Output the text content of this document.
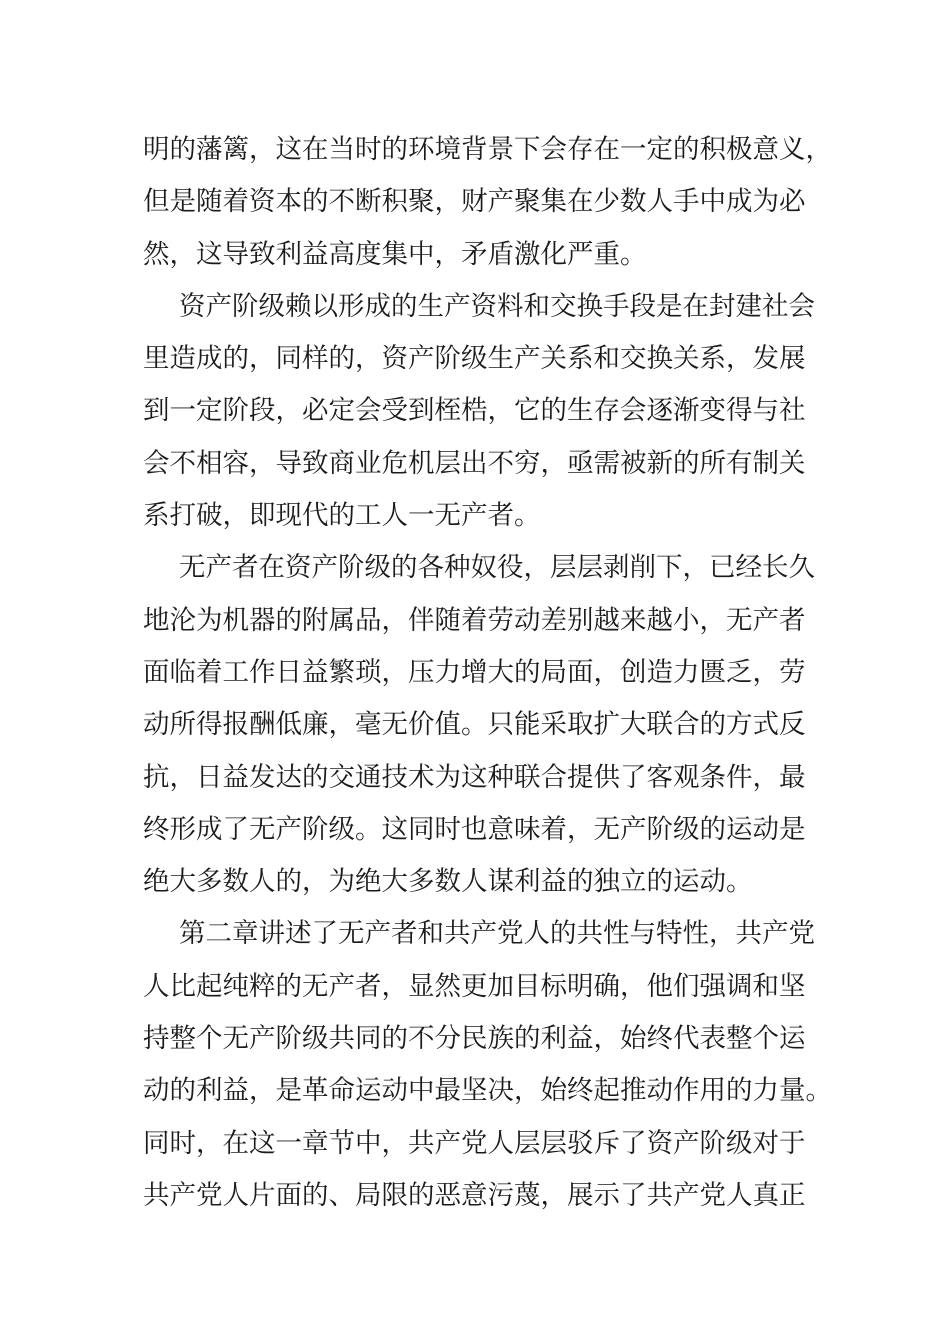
明的藩篱，这在当时的环境背景下会存在一定的积极意义，
但是随着资本的不断积聚，财产聚集在少数人手中成为必
然，这导致利益高度集中，矛盾激化严重。
资产阶级赖以形成的生产资料和交换手段是在封建社会
里造成的，同样的，资产阶级生产关系和交换关系，发展
到一定阶段，必定会受到桎梏，它的生存会逐渐变得与社
会不相容，导致商业危机层出不穷，亟需被新的所有制关
系打破，即现代的工人一无产者。
无产者在资产阶级的各种奴役，层层剥削下，已经长久
地沦为机器的附属品，伴随着劳动差别越来越小，无产者
面临着工作日益繁琐，压力增大的局面，创造力匮乏，劳
动所得报酬低廉，毫无价值。只能采取扩大联合的方式反
抗，日益发达的交通技术为这种联合提供了客观条件，最
终形成了无产阶级。这同时也意味着，无产阶级的运动是
绝大多数人的，为绝大多数人谋利益的独立的运动。
第二章讲述了无产者和共产党人的共性与特性，共产党
人比起纯粹的无产者，显然更加目标明确，他们强调和坚
持整个无产阶级共同的不分民族的利益，始终代表整个运
动的利益，是革命运动中最坚决，始终起推动作用的力量。
同时，在这一章节中，共产党人层层驳斥了资产阶级对于
共产党人片面的、局限的恶意污蔑，展示了共产党人真正
